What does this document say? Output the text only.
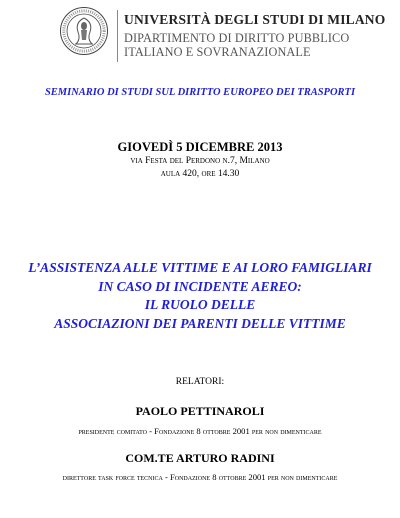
UNIVERSITÀ DEGLI STUDI DI MILANO
DIPARTIMENTO DI DIRITTO PUBBLICO
ITALIANO E SOVRANAZIONALE
SEMINARIO DI STUDI SUL DIRITTO EUROPEO DEI TRASPORTI
GIOVEDÌ 5 DICEMBRE 2013
via Festa del Perdono n.7, Milano
aula 420, ore 14.30
L’ASSISTENZA ALLE VITTIME E AI LORO FAMIGLIARI
IN CASO DI INCIDENTE AEREO:
IL RUOLO DELLE
ASSOCIAZIONI DEI PARENTI DELLE VITTIME
RELATORI:
PAOLO PETTINAROLI
presidente comitato - Fondazione 8 ottobre 2001 per non dimenticare
COM.TE ARTURO RADINI
direttore task force tecnica - Fondazione 8 ottobre 2001 per non dimenticare
